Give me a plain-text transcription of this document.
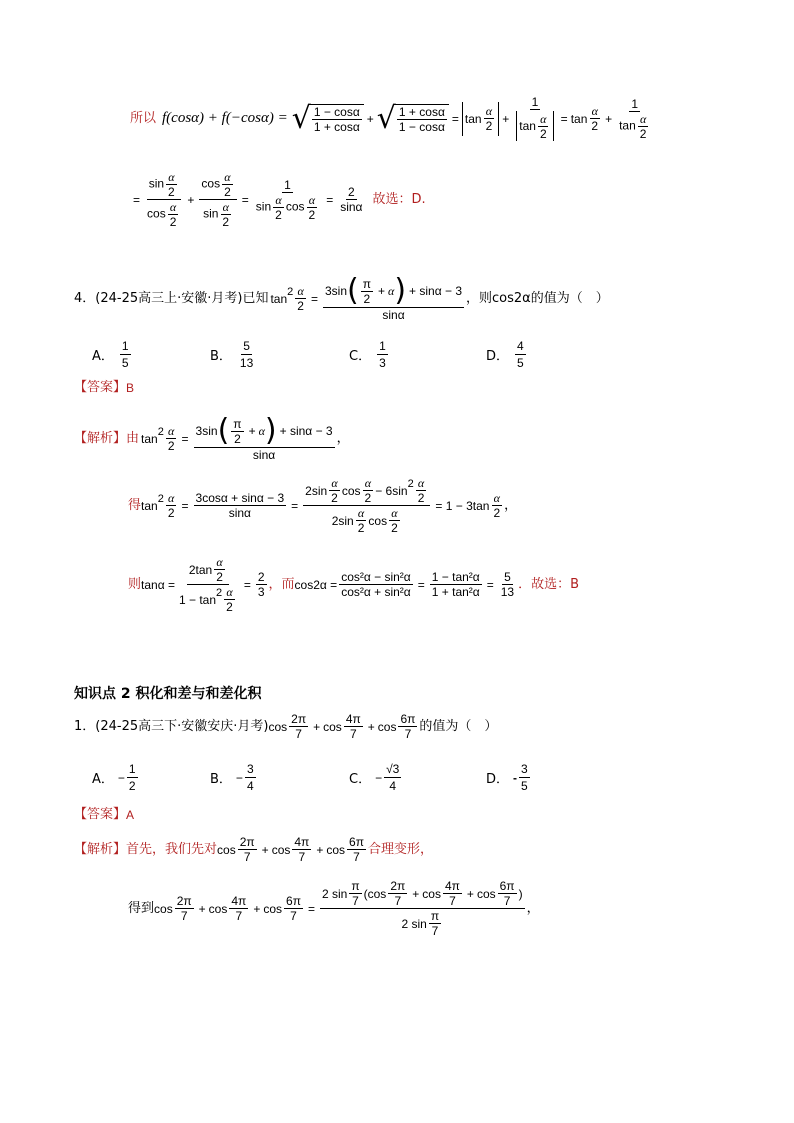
所以 f(cosα) + f(−cosα) = √ $\frac{1 - \cos\alpha}{1 + \cos\alpha}$ + √ $\frac{1 + \cos\alpha}{1 - \cos\alpha} = \tan \frac{\alpha}{2} + \frac{1}{\tan \frac{\alpha}{2}} = \tan \frac{\alpha}{2} + \frac{1}{\tan \frac{\alpha}{2}}$
= $\frac{\sin \frac{\alpha}{2}}{\cos \frac{\alpha}{2}} + \frac{\cos \frac{\alpha}{2}}{\sin \frac{\alpha}{2}} = \frac{1}{\sin \frac{\alpha}{2} \cos \frac{\alpha}{2}} = \frac{2}{\sin\alpha}$ 故选：D.
4．(24-25高三上·安徽·月考)已知 $\tan 2 \frac{\alpha}{2} = \frac{3\sin ( \frac{\pi}{2} + \alpha ) + \sin\alpha - 3}{\sin\alpha}$ ，则cos2α的值为（　）
A． $\frac{1}{5}$	B． $\frac{5}{13}$	C． $\frac{1}{3}$	D． $\frac{4}{5}$
【答案】 B
【解析】 由 $\tan 2 \frac{\alpha}{2} = \frac{3\sin ( \frac{\pi}{2} + \alpha ) + \sin\alpha - 3}{\sin\alpha}$ ，
得 $\tan 2 \frac{\alpha}{2} = \frac{3\cos\alpha + \sin\alpha - 3}{\sin\alpha} = \frac{2\sin \frac{\alpha}{2} \cos \frac{\alpha}{2} - 6\sin 2 \frac{\alpha}{2}}{2\sin \frac{\alpha}{2} \cos \frac{\alpha}{2}} = 1 - 3\tan \frac{\alpha}{2}$ ，
则 $\tan\alpha = \frac{2\tan \frac{\alpha}{2}}{1 - \tan 2 \frac{\alpha}{2}} = \frac{2}{3}$ ，而 $\cos 2\alpha = \frac{\text{cos²α − sin²α}}{\text{cos²α + sin²α}} = \frac{\text{1 − tan²α}}{\text{1 + tan²α}} = \frac{5}{13}$ ．故选：B
知识点 2 积化和差与和差化积
1．(24-25高三下·安徽安庆·月考) $\cos \frac{2\pi}{7} + \cos \frac{4\pi}{7} + \cos \frac{6\pi}{7}$ 的值为（　）
A． − $\frac{1}{2}$	B． − $\frac{3}{4}$	C． − $\frac{√3}{4}$	D． - $\frac{3}{5}$
【答案】 A
【解析】 首先，我们先对 $\cos \frac{2\pi}{7} + \cos \frac{4\pi}{7} + \cos \frac{6\pi}{7}$ 合理变形，
得到 $\cos \frac{2\pi}{7} + \cos \frac{4\pi}{7} + \cos \frac{6\pi}{7} = \frac{2 \sin \frac{\pi}{7} ( \cos \frac{2\pi}{7} + \cos \frac{4\pi}{7} + \cos \frac{6\pi}{7} )}{2 \sin \frac{\pi}{7}}$ ，
